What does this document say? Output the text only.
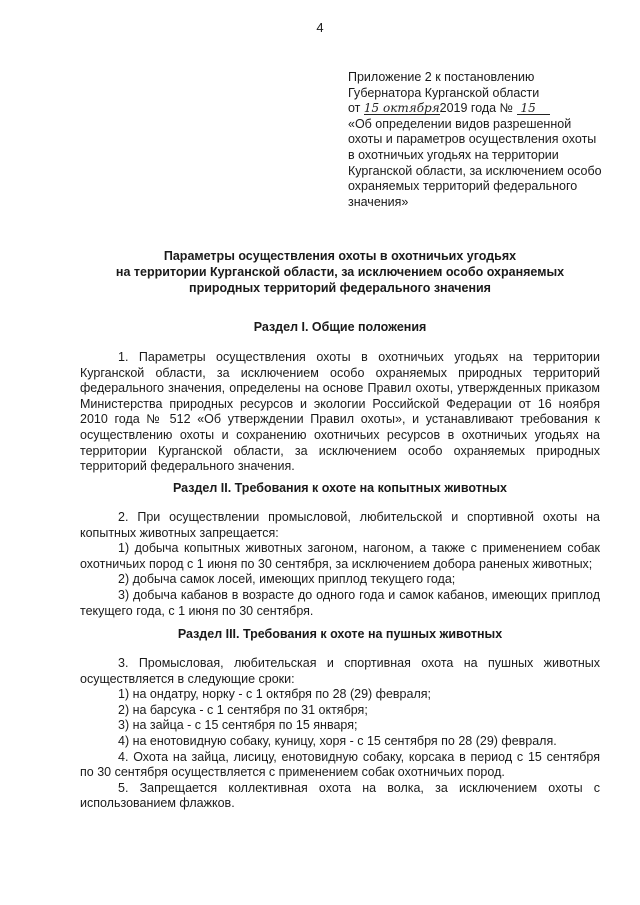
4
Приложение 2 к постановлению
Губернатора Курганской области
от 15 октября2019 года № 15
«Об определении видов разрешенной
охоты и параметров осуществления охоты
в охотничьих угодьях на территории
Курганской области, за исключением особо
охраняемых территорий федерального
значения»
Параметры осуществления охоты в охотничьих угодьях
на территории Курганской области, за исключением особо охраняемых
природных территорий федерального значения
Раздел I. Общие положения
1. Параметры осуществления охоты в охотничьих угодьях на территории
Курганской области, за исключением особо охраняемых природных территорий
федерального значения, определены на основе Правил охоты, утвержденных приказом
Министерства природных ресурсов и экологии Российской Федерации от 16 ноября
2010 года № 512 «Об утверждении Правил охоты», и устанавливают требования к
осуществлению охоты и сохранению охотничьих ресурсов в охотничьих угодьях на
территории Курганской области, за исключением особо охраняемых природных
территорий федерального значения.
Раздел II. Требования к охоте на копытных животных
2. При осуществлении промысловой, любительской и спортивной охоты на
копытных животных запрещается:
1) добыча копытных животных загоном, нагоном, а также с применением собак
охотничьих пород с 1 июня по 30 сентября, за исключением добора раненых животных;
2) добыча самок лосей, имеющих приплод текущего года;
3) добыча кабанов в возрасте до одного года и самок кабанов, имеющих приплод
текущего года, с 1 июня по 30 сентября.
Раздел III. Требования к охоте на пушных животных
3. Промысловая, любительская и спортивная охота на пушных животных
осуществляется в следующие сроки:
1) на ондатру, норку - с 1 октября по 28 (29) февраля;
2) на барсука - с 1 сентября по 31 октября;
3) на зайца - с 15 сентября по 15 января;
4) на енотовидную собаку, куницу, хоря - с 15 сентября по 28 (29) февраля.
4. Охота на зайца, лисицу, енотовидную собаку, корсака в период с 15 сентября
по 30 сентября осуществляется с применением собак охотничьих пород.
5. Запрещается коллективная охота на волка, за исключением охоты с
использованием флажков.
